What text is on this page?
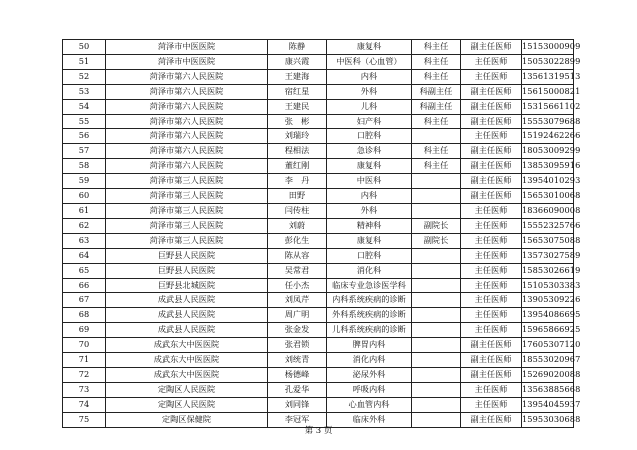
50	菏泽市中医医院	陈静	康复科	科主任	副主任医师	15153000909
51	菏泽市中医医院	康兴霞	中医科（心血管）	科主任	主任医师	15053022899
52	菏泽市第六人民医院	王建海	内科	科主任	主任医师	13561319513
53	菏泽市第六人民医院	宿红星	外科	科副主任	副主任医师	15615000821
54	菏泽市第六人民医院	王建民	儿科	科副主任	副主任医师	15315661102
55	菏泽市第六人民医院	张　彬	妇产科	科主任	副主任医师	15553079688
56	菏泽市第六人民医院	刘瑞玲	口腔科		主任医师	15192462266
57	菏泽市第六人民医院	程相法	急诊科	科主任	副主任医师	18053009299
58	菏泽市第六人民医院	董红刚	康复科	科主任	副主任医师	13853095916
59	菏泽市第三人民医院	李　丹	中医科		副主任医师	13954010293
60	菏泽市第三人民医院	田野	内科		副主任医师	15653010068
61	菏泽市第三人民医院	闫传柱	外科		主任医师	18366090008
62	菏泽市第三人民医院	刘蔚	精神科	副院长	主任医师	15552325766
63	菏泽市第三人民医院	彭化生	康复科	副院长	主任医师	15653075088
64	巨野县人民医院	陈从容	口腔科		主任医师	13573027589
65	巨野县人民医院	吴常君	消化科		主任医师	15853026619
66	巨野县北城医院	任小杰	临床专业急诊医学科		主任医师	15105303383
67	成武县人民医院	刘凤芹	内科系统疾病的诊断		主任医师	13905309226
68	成武县人民医院	周广明	外科系统疾病的诊断		主任医师	13954086695
69	成武县人民医院	张金发	儿科系统疾病的诊断		主任医师	15965866925
70	成武东大中医医院	张君锁	脾胃内科		副主任医师	17605307120
71	成武东大中医医院	刘统青	消化内科		副主任医师	18553020967
72	成武东大中医医院	杨德峰	泌尿外科		副主任医师	15269020088
73	定陶区人民医院	孔爱华	呼吸内科		主任医师	13563885668
74	定陶区人民医院	刘同锋	心血管内科		主任医师	13954045937
75	定陶区保健院	李冠军	临床外科		副主任医师	15953030688
第 3 页
